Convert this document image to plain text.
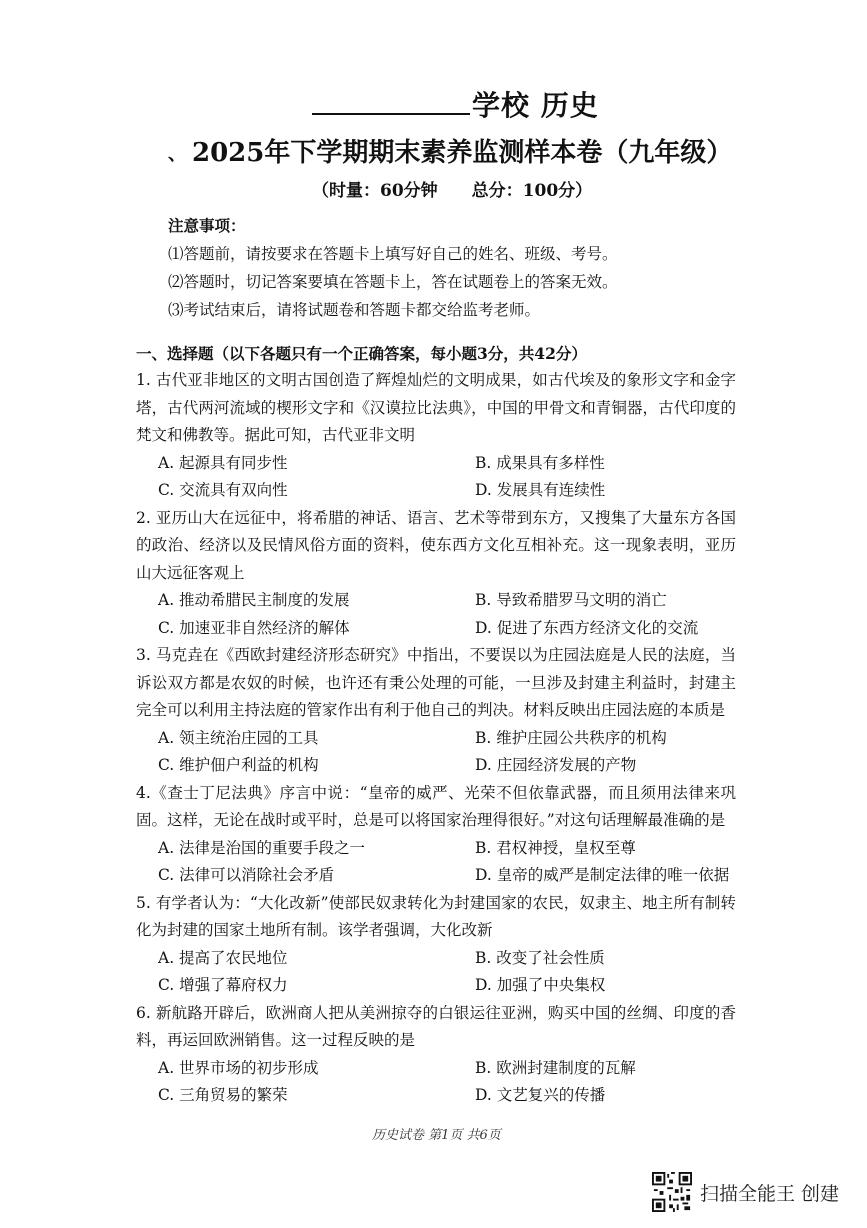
学校 历史
、 2025年下学期期末素养监测样本卷（九年级）
（时量：60分钟 总分：100分）
注意事项：
⑴答题前，请按要求在答题卡上填写好自己的姓名、班级、考号。
⑵答题时，切记答案要填在答题卡上，答在试题卷上的答案无效。
⑶考试结束后，请将试题卷和答题卡都交给监考老师。
一、选择题（以下各题只有一个正确答案，每小题3分，共42分）
1. 古代亚非地区的文明古国创造了辉煌灿烂的文明成果，如古代埃及的象形文字和金字塔，古代两河流域的楔形文字和《汉谟拉比法典》，中国的甲骨文和青铜器，古代印度的梵文和佛教等。据此可知，古代亚非文明
A. 起源具有同步性	B. 成果具有多样性
C. 交流具有双向性	D. 发展具有连续性
2. 亚历山大在远征中，将希腊的神话、语言、艺术等带到东方，又搜集了大量东方各国的政治、经济以及民情风俗方面的资料，使东西方文化互相补充。这一现象表明，亚历山大远征客观上
A. 推动希腊民主制度的发展	B. 导致希腊罗马文明的消亡
C. 加速亚非自然经济的解体	D. 促进了东西方经济文化的交流
3. 马克垚在《西欧封建经济形态研究》中指出，不要误以为庄园法庭是人民的法庭，当诉讼双方都是农奴的时候，也许还有秉公处理的可能，一旦涉及封建主利益时，封建主完全可以利用主持法庭的管家作出有利于他自己的判决。材料反映出庄园法庭的本质是
A. 领主统治庄园的工具	B. 维护庄园公共秩序的机构
C. 维护佃户利益的机构	D. 庄园经济发展的产物
4.《查士丁尼法典》序言中说：“皇帝的威严、光荣不但依靠武器，而且须用法律来巩固。这样，无论在战时或平时，总是可以将国家治理得很好。”对这句话理解最准确的是
A. 法律是治国的重要手段之一	B. 君权神授，皇权至尊
C. 法律可以消除社会矛盾	D. 皇帝的威严是制定法律的唯一依据
5. 有学者认为：“大化改新”使部民奴隶转化为封建国家的农民，奴隶主、地主所有制转化为封建的国家土地所有制。该学者强调，大化改新
A. 提高了农民地位	B. 改变了社会性质
C. 增强了幕府权力	D. 加强了中央集权
6. 新航路开辟后，欧洲商人把从美洲掠夺的白银运往亚洲，购买中国的丝绸、印度的香料，再运回欧洲销售。这一过程反映的是
A. 世界市场的初步形成	B. 欧洲封建制度的瓦解
C. 三角贸易的繁荣	D. 文艺复兴的传播
历史试卷 第1页 共6页
扫描全能王 创建
